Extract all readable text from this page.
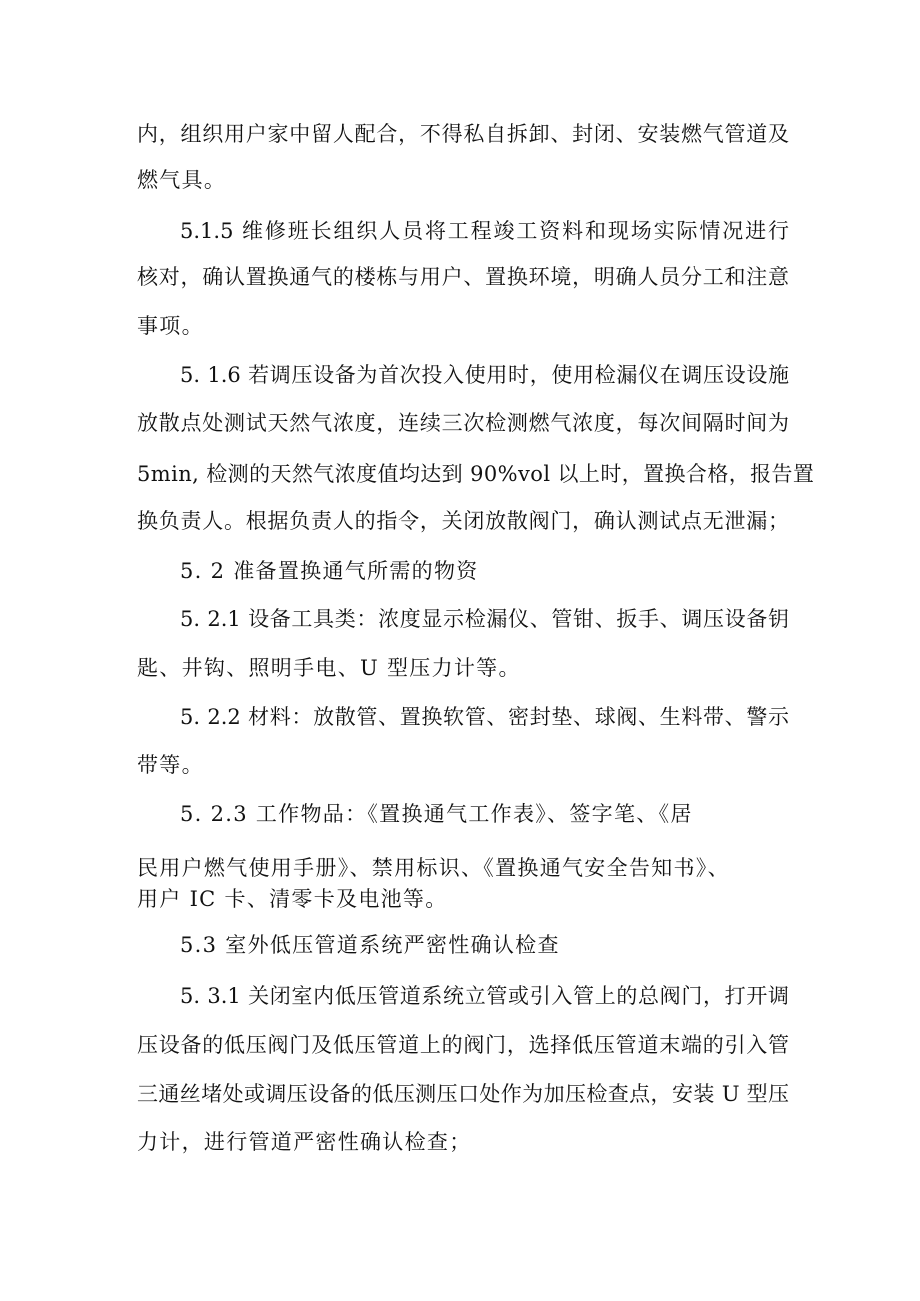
内，组织用户家中留人配合，不得私自拆卸、封闭、安装燃气管道及
燃气具。
5.1.5 维修班长组织人员将工程竣工资料和现场实际情况进行
核对，确认置换通气的楼栋与用户、置换环境，明确人员分工和注意
事项。
5. 1.6 若调压设备为首次投入使用时，使用检漏仪在调压设设施
放散点处测试天然气浓度，连续三次检测燃气浓度，每次间隔时间为
5min, 检测的天然气浓度值均达到 90%vol 以上时，置换合格，报告置
换负责人。根据负责人的指令，关闭放散阀门，确认测试点无泄漏；
5. 2 准备置换通气所需的物资
5. 2.1 设备工具类：浓度显示检漏仪、管钳、扳手、调压设备钥
匙、井钩、照明手电、U 型压力计等。
5. 2.2 材料：放散管、置换软管、密封垫、球阀、生料带、警示
带等。
5. 2.3 工作物品：《置换通气工作表》、签字笔、《居
民用户燃气使用手册》、禁用标识、《置换通气安全告知书》、
用户 IC 卡、清零卡及电池等。
5.3 室外低压管道系统严密性确认检查
5. 3.1 关闭室内低压管道系统立管或引入管上的总阀门，打开调
压设备的低压阀门及低压管道上的阀门，选择低压管道末端的引入管
三通丝堵处或调压设备的低压测压口处作为加压检查点，安装 U 型压
力计，进行管道严密性确认检查；
